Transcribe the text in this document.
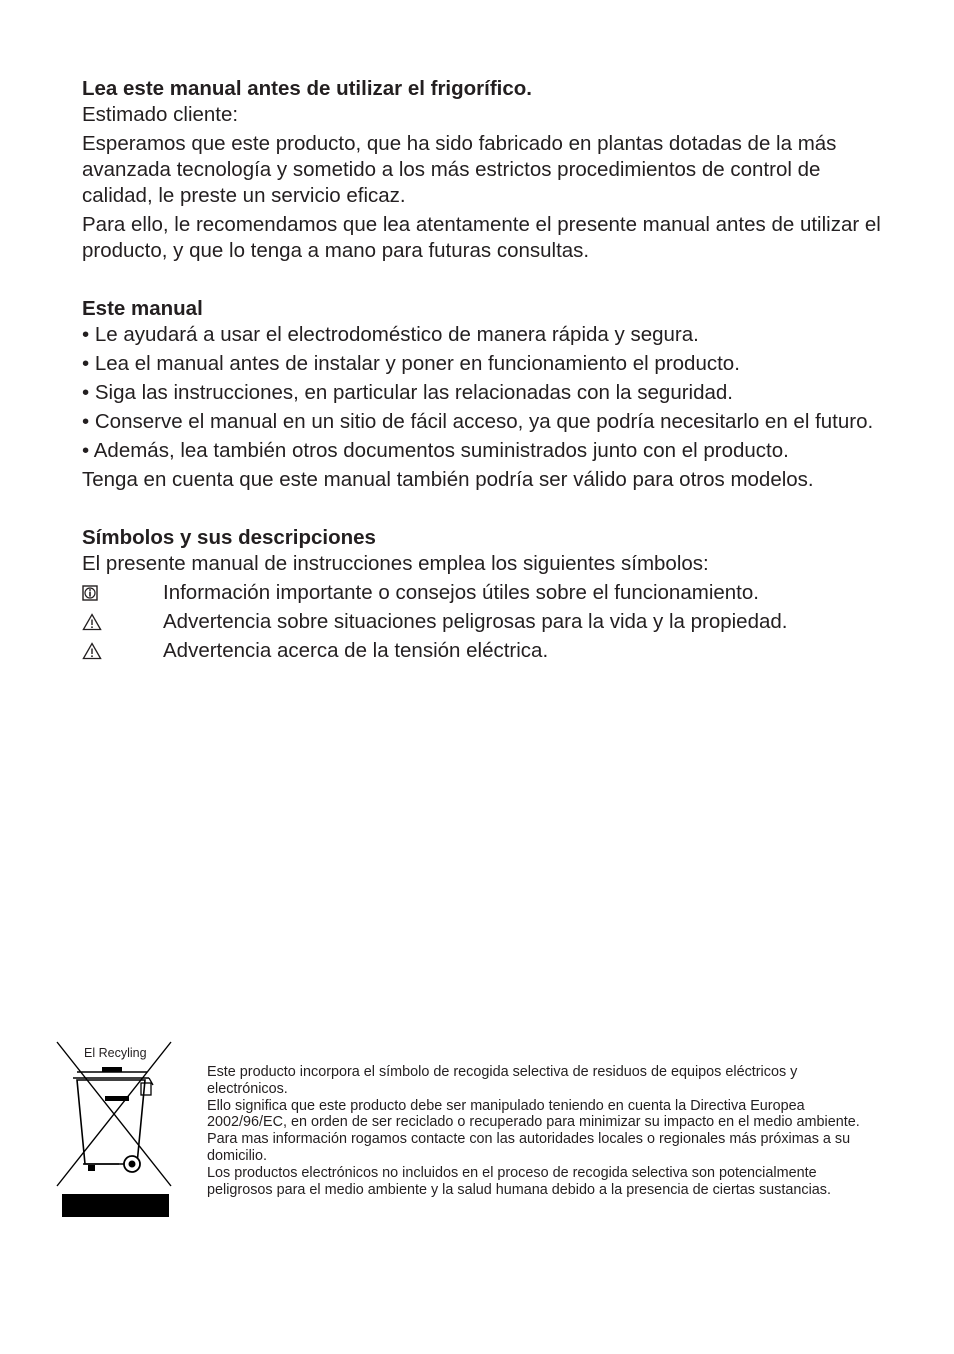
Lea este manual antes de utilizar el frigorífico.

Estimado cliente:

Esperamos que este producto, que ha sido fabricado en plantas dotadas de la más avanzada tecnología y sometido a los más estrictos procedimientos de control de calidad, le preste un servicio eficaz.

Para ello, le recomendamos que lea atentamente el presente manual antes de utilizar el producto, y que lo tenga a mano para futuras consultas.

Este manual

• Le ayudará a usar el electrodoméstico de manera rápida y segura.

• Lea el manual antes de instalar y poner en funcionamiento el producto.

• Siga las instrucciones, en particular las relacionadas con la seguridad.

• Conserve el manual en un sitio de fácil acceso, ya que podría necesitarlo en el futuro.

• Además, lea también otros documentos suministrados junto con el producto.

Tenga en cuenta que este manual también podría ser válido para otros modelos.

Símbolos y sus descripciones

El presente manual de instrucciones emplea los siguientes símbolos:

Información importante o consejos útiles sobre el funcionamiento.
Advertencia sobre situaciones peligrosas para la vida y la propiedad.
Advertencia acerca de la tensión eléctrica.
El Recyling

Este producto incorpora el símbolo de recogida selectiva de residuos de equipos eléctricos y electrónicos.

Ello significa que este producto debe ser manipulado teniendo en cuenta la Directiva Europea 2002/96/EC, en orden de ser reciclado o recuperado para minimizar su impacto en el medio ambiente. Para mas información rogamos contacte con las autoridades locales o regionales más próximas a su domicilio.

Los productos electrónicos no incluidos en el proceso de recogida selectiva son potencialmente peligrosos para el medio ambiente y la salud humana debido a la presencia de ciertas sustancias.
